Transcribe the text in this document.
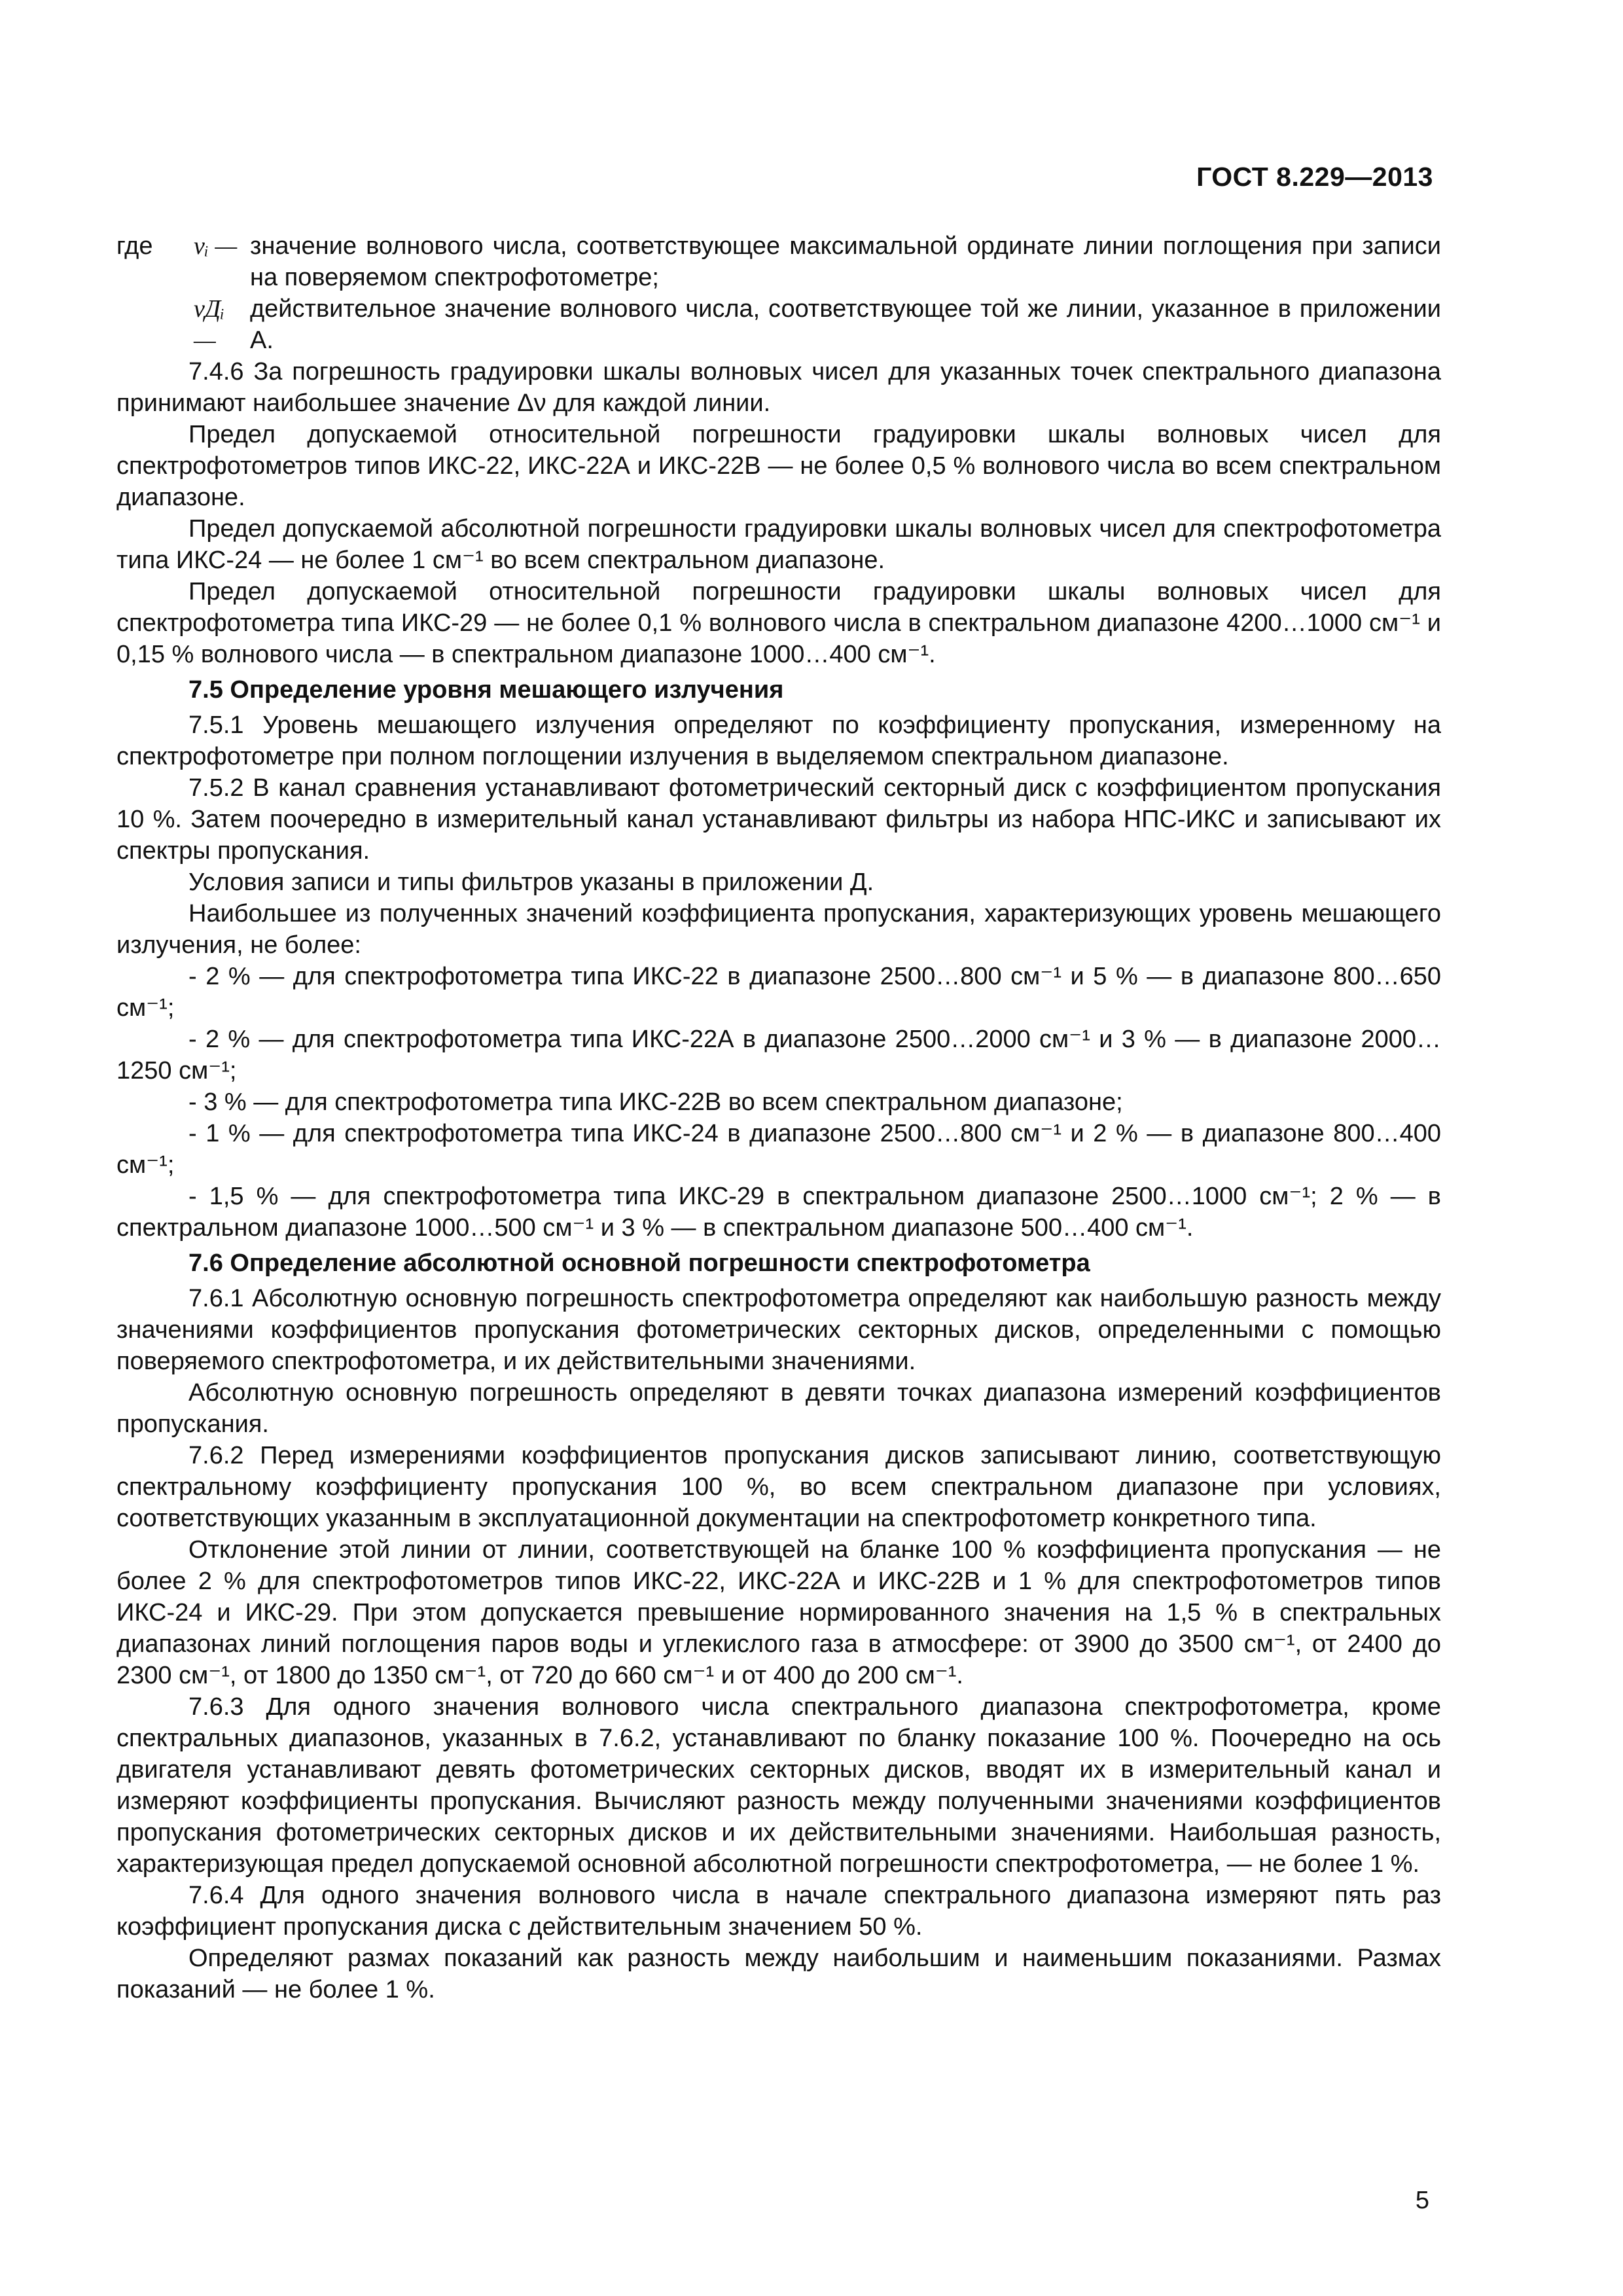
ГОСТ 8.229—2013
где	νᵢ — значение волнового числа, соответствующее максимальной ординате линии поглощения при записи на поверяемом спектрофотометре;
νДᵢ —
действительное значение волнового числа, соответствующее той же линии, указанное в приложении А.

7.4.6 За погрешность градуировки шкалы волновых чисел для указанных точек спектрального диапазона принимают наибольшее значение Δν для каждой линии.

Предел допускаемой относительной погрешности градуировки шкалы волновых чисел для спектрофотометров типов ИКС-22, ИКС-22А и ИКС-22В — не более 0,5 % волнового числа во всем спектральном диапазоне.

Предел допускаемой абсолютной погрешности градуировки шкалы волновых чисел для спектрофотометра типа ИКС-24 — не более 1 см⁻¹ во всем спектральном диапазоне.

Предел допускаемой относительной погрешности градуировки шкалы волновых чисел для спектрофотометра типа ИКС-29 — не более 0,1 % волнового числа в спектральном диапазоне 4200…1000 см⁻¹ и 0,15 % волнового числа — в спектральном диапазоне 1000…400 см⁻¹.

7.5 Определение уровня мешающего излучения

7.5.1 Уровень мешающего излучения определяют по коэффициенту пропускания, измеренному на спектрофотометре при полном поглощении излучения в выделяемом спектральном диапазоне.

7.5.2 В канал сравнения устанавливают фотометрический секторный диск с коэффициентом пропускания 10 %. Затем поочередно в измерительный канал устанавливают фильтры из набора НПС-ИКС и записывают их спектры пропускания.

Условия записи и типы фильтров указаны в приложении Д.

Наибольшее из полученных значений коэффициента пропускания, характеризующих уровень мешающего излучения, не более:

- 2 % — для спектрофотометра типа ИКС-22 в диапазоне 2500…800 см⁻¹ и 5 % — в диапазоне 800…650 см⁻¹;

- 2 % — для спектрофотометра типа ИКС-22А в диапазоне 2500…2000 см⁻¹ и 3 % — в диапазоне 2000…1250 см⁻¹;

- 3 % — для спектрофотометра типа ИКС-22В во всем спектральном диапазоне;

- 1 % — для спектрофотометра типа ИКС-24 в диапазоне 2500…800 см⁻¹ и 2 % — в диапазоне 800…400 см⁻¹;

- 1,5 % — для спектрофотометра типа ИКС-29 в спектральном диапазоне 2500…1000 см⁻¹; 2 % — в спектральном диапазоне 1000…500 см⁻¹ и 3 % — в спектральном диапазоне 500…400 см⁻¹.

7.6 Определение абсолютной основной погрешности спектрофотометра

7.6.1 Абсолютную основную погрешность спектрофотометра определяют как наибольшую разность между значениями коэффициентов пропускания фотометрических секторных дисков, определенными с помощью поверяемого спектрофотометра, и их действительными значениями.

Абсолютную основную погрешность определяют в девяти точках диапазона измерений коэффициентов пропускания.

7.6.2 Перед измерениями коэффициентов пропускания дисков записывают линию, соответствующую спектральному коэффициенту пропускания 100 %, во всем спектральном диапазоне при условиях, соответствующих указанным в эксплуатационной документации на спектрофотометр конкретного типа.

Отклонение этой линии от линии, соответствующей на бланке 100 % коэффициента пропускания — не более 2 % для спектрофотометров типов ИКС-22, ИКС-22А и ИКС-22В и 1 % для спектрофотометров типов ИКС-24 и ИКС-29. При этом допускается превышение нормированного значения на 1,5 % в спектральных диапазонах линий поглощения паров воды и углекислого газа в атмосфере: от 3900 до 3500 см⁻¹, от 2400 до 2300 см⁻¹, от 1800 до 1350 см⁻¹, от 720 до 660 см⁻¹ и от 400 до 200 см⁻¹.

7.6.3 Для одного значения волнового числа спектрального диапазона спектрофотометра, кроме спектральных диапазонов, указанных в 7.6.2, устанавливают по бланку показание 100 %. Поочередно на ось двигателя устанавливают девять фотометрических секторных дисков, вводят их в измерительный канал и измеряют коэффициенты пропускания. Вычисляют разность между полученными значениями коэффициентов пропускания фотометрических секторных дисков и их действительными значениями. Наибольшая разность, характеризующая предел допускаемой основной абсолютной погрешности спектрофотометра, — не более 1 %.

7.6.4 Для одного значения волнового числа в начале спектрального диапазона измеряют пять раз коэффициент пропускания диска с действительным значением 50 %.

Определяют размах показаний как разность между наибольшим и наименьшим показаниями. Размах показаний — не более 1 %.

5
